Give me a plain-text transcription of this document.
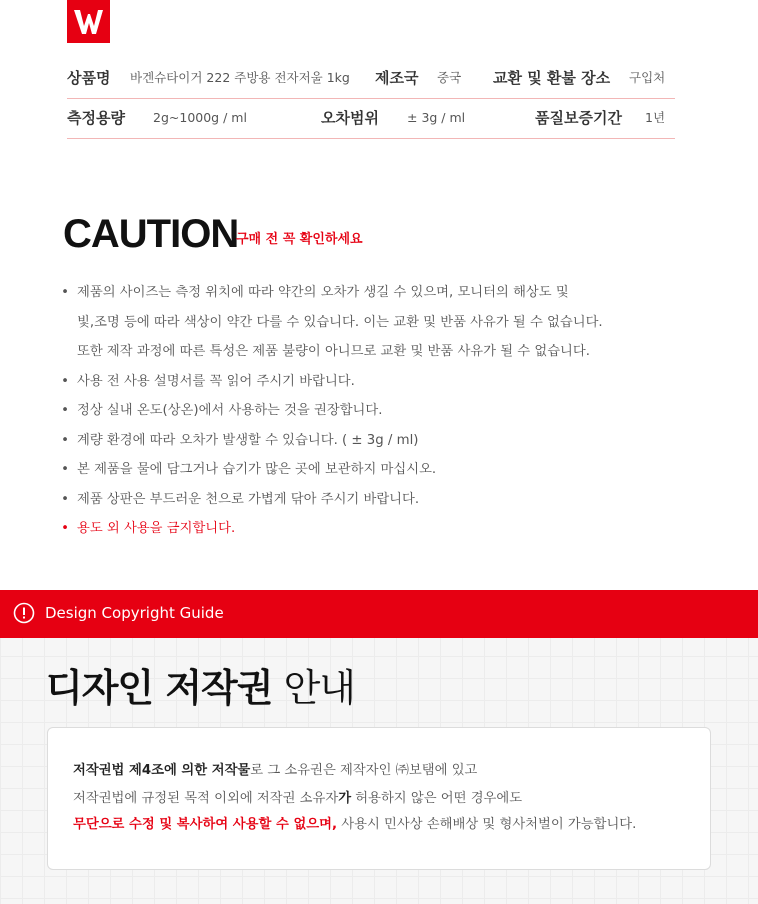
상품명 바겐슈타이거 222 주방용 전자저울 1kg 제조국 중국 교환 및 환불 장소 구입처
측정용량 2g~1000g / ml	오차범위 ± 3g / ml	품질보증기간 1년
CAUTION
구매 전 꼭 확인하세요
• 제품의 사이즈는 측정 위치에 따라 약간의 오차가 생길 수 있으며, 모니터의 해상도 및
빛,조명 등에 따라 색상이 약간 다를 수 있습니다. 이는 교환 및 반품 사유가 될 수 없습니다.
또한 제작 과정에 따른 특성은 제품 불량이 아니므로 교환 및 반품 사유가 될 수 없습니다.
• 사용 전 사용 설명서를 꼭 읽어 주시기 바랍니다.
• 정상 실내 온도(상온)에서 사용하는 것을 권장합니다.
• 계량 환경에 따라 오차가 발생할 수 있습니다. ( ± 3g / ml)
• 본 제품을 물에 담그거나 습기가 많은 곳에 보관하지 마십시오.
• 제품 상판은 부드러운 천으로 가볍게 닦아 주시기 바랍니다.
• 용도 외 사용을 금지합니다.
Design Copyright Guide
디자인 저작권 안내
저작권법 제4조에 의한 저작물로 그 소유권은 제작자인 ㈜보탬에 있고
저작권법에 규정된 목적 이외에 저작권 소유자가 허용하지 않은 어떤 경우에도
무단으로 수정 및 복사하여 사용할 수 없으며, 사용시 민사상 손해배상 및 형사처벌이 가능합니다.
